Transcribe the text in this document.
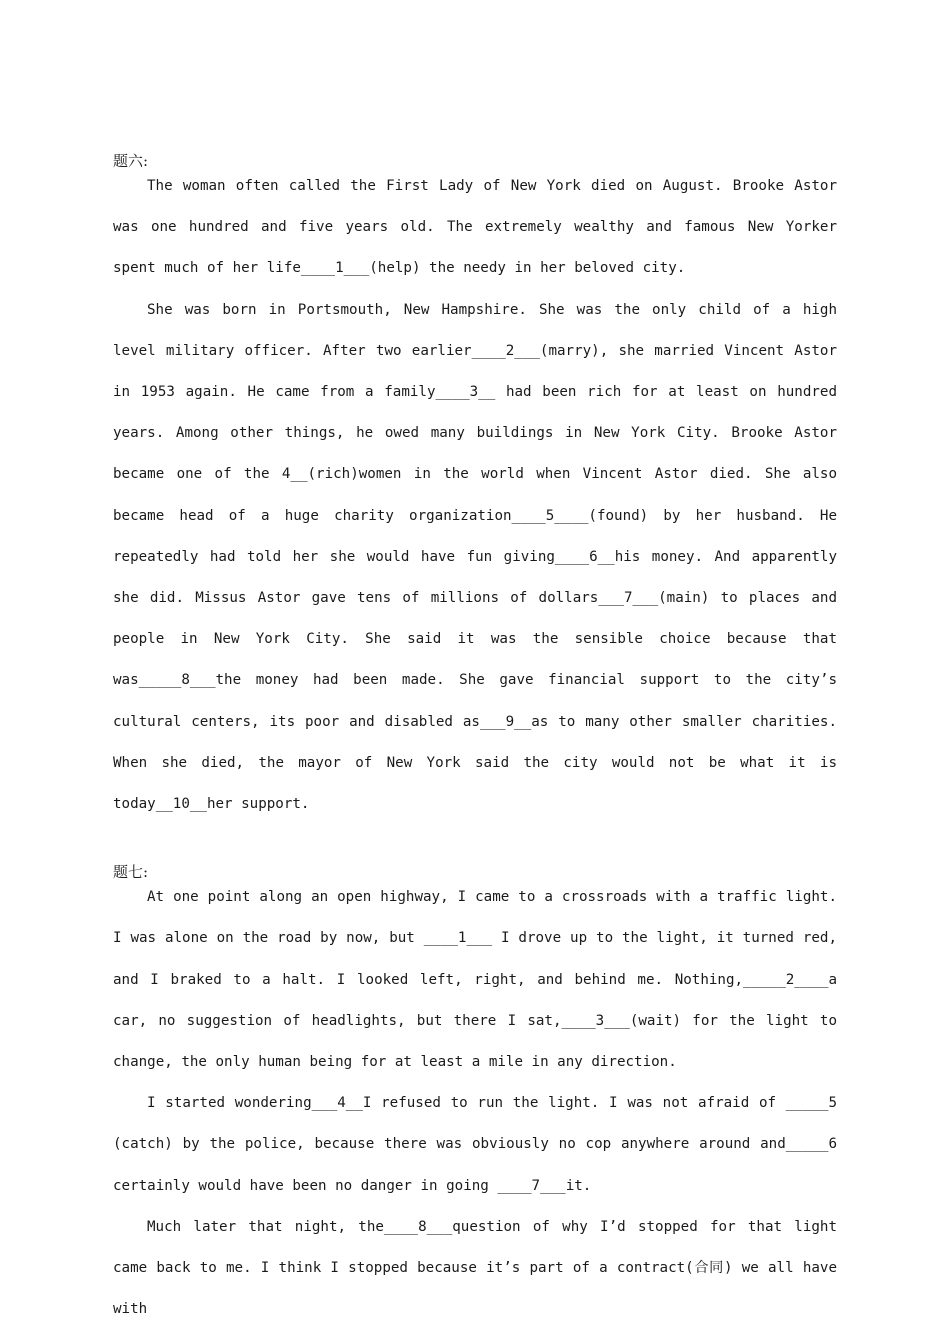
题六:

The woman often called the First Lady of New York died on August. Brooke Astor was one hundred and five years old. The extremely wealthy and famous New Yorker spent much of her life____1___(help) the needy in her beloved city.

She was born in Portsmouth, New Hampshire. She was the only child of a high level military officer. After two earlier____2___(marry), she married Vincent Astor in 1953 again. He came from a family____3__ had been rich for at least on hundred years. Among other things, he owed many buildings in New York City. Brooke Astor became one of the 4__(rich)women in the world when Vincent Astor died. She also became head of a huge charity organization____5____(found) by her husband. He repeatedly had told her she would have fun giving____6__his money. And apparently she did. Missus Astor gave tens of millions of dollars___7___(main) to places and people in New York City. She said it was the sensible choice because that was_____8___the money had been made. She gave financial support to the city’s cultural centers, its poor and disabled as___9__as to many other smaller charities. When she died, the mayor of New York said the city would not be what it is today__10__her support.

题七:

At one point along an open highway, I came to a crossroads with a traffic light. I was alone on the road by now, but ____1___ I drove up to the light, it turned red, and I braked to a halt. I looked left, right, and behind me. Nothing,_____2____a car, no suggestion of headlights, but there I sat,____3___(wait) for the light to change, the only human being for at least a mile in any direction.

I started wondering___4__I refused to run the light. I was not afraid of _____5 (catch) by the police, because there was obviously no cop anywhere around and_____6 certainly would have been no danger in going ____7___it.

Much later that night, the____8___question of why I’d stopped for that light came back to me. I think I stopped because it’s part of a contract(合同) we all have with
